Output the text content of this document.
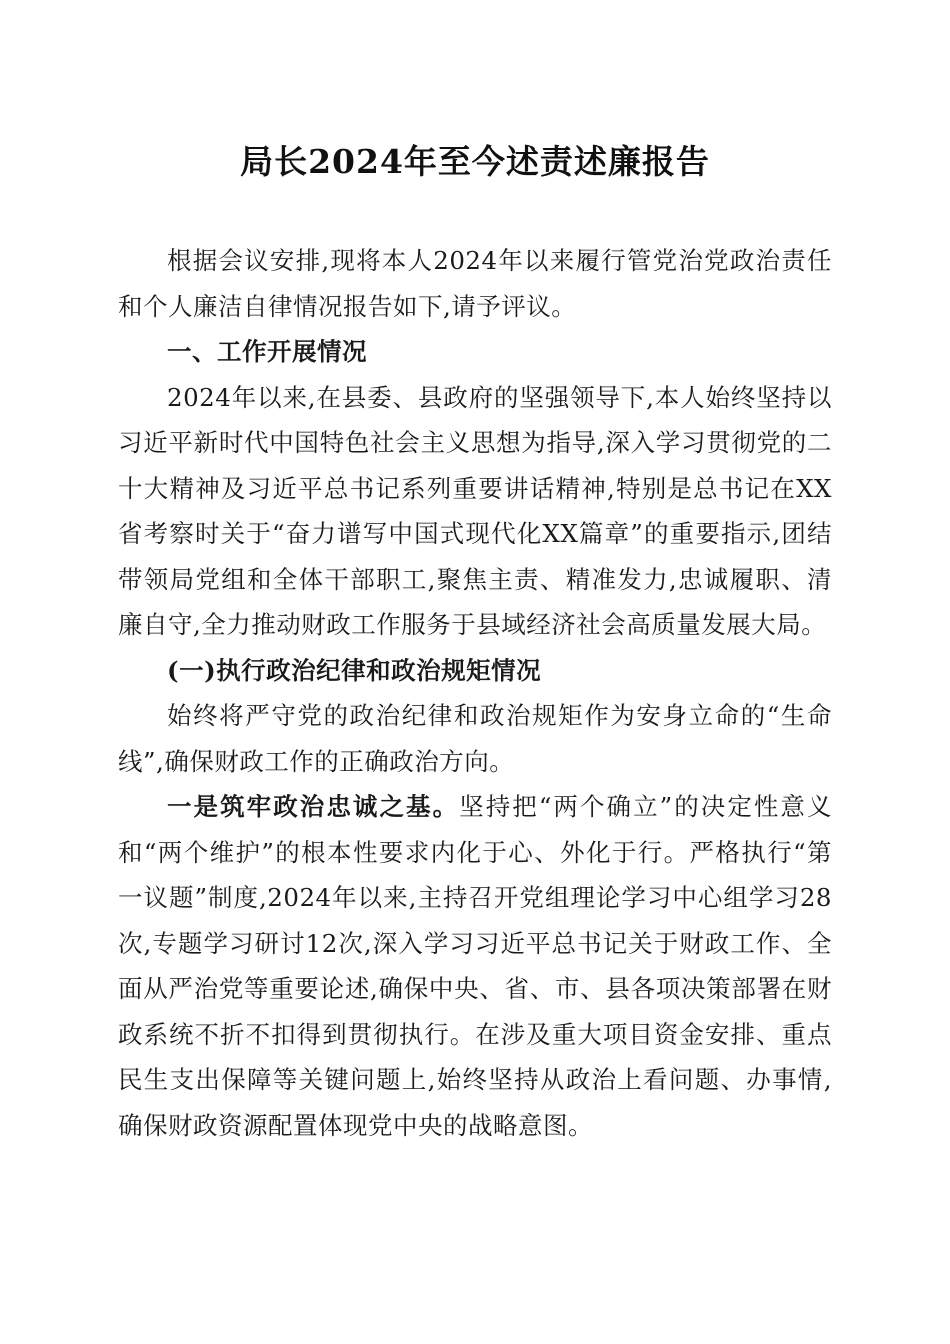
局长2024年至今述责述廉报告

根据会议安排,现将本人2024年以来履行管党治党政治责任和个人廉洁自律情况报告如下,请予评议。

一、工作开展情况

2024年以来,在县委、县政府的坚强领导下,本人始终坚持以习近平新时代中国特色社会主义思想为指导,深入学习贯彻党的二十大精神及习近平总书记系列重要讲话精神,特别是总书记在XX省考察时关于“奋力谱写中国式现代化XX篇章”的重要指示,团结带领局党组和全体干部职工,聚焦主责、精准发力,忠诚履职、清廉自守,全力推动财政工作服务于县域经济社会高质量发展大局。

(一)执行政治纪律和政治规矩情况

始终将严守党的政治纪律和政治规矩作为安身立命的“生命线”,确保财政工作的正确政治方向。

一是筑牢政治忠诚之基。坚持把“两个确立”的决定性意义和“两个维护”的根本性要求内化于心、外化于行。严格执行“第一议题”制度,2024年以来,主持召开党组理论学习中心组学习28次,专题学习研讨12次,深入学习习近平总书记关于财政工作、全面从严治党等重要论述,确保中央、省、市、县各项决策部署在财政系统不折不扣得到贯彻执行。在涉及重大项目资金安排、重点民生支出保障等关键问题上,始终坚持从政治上看问题、办事情,确保财政资源配置体现党中央的战略意图。
